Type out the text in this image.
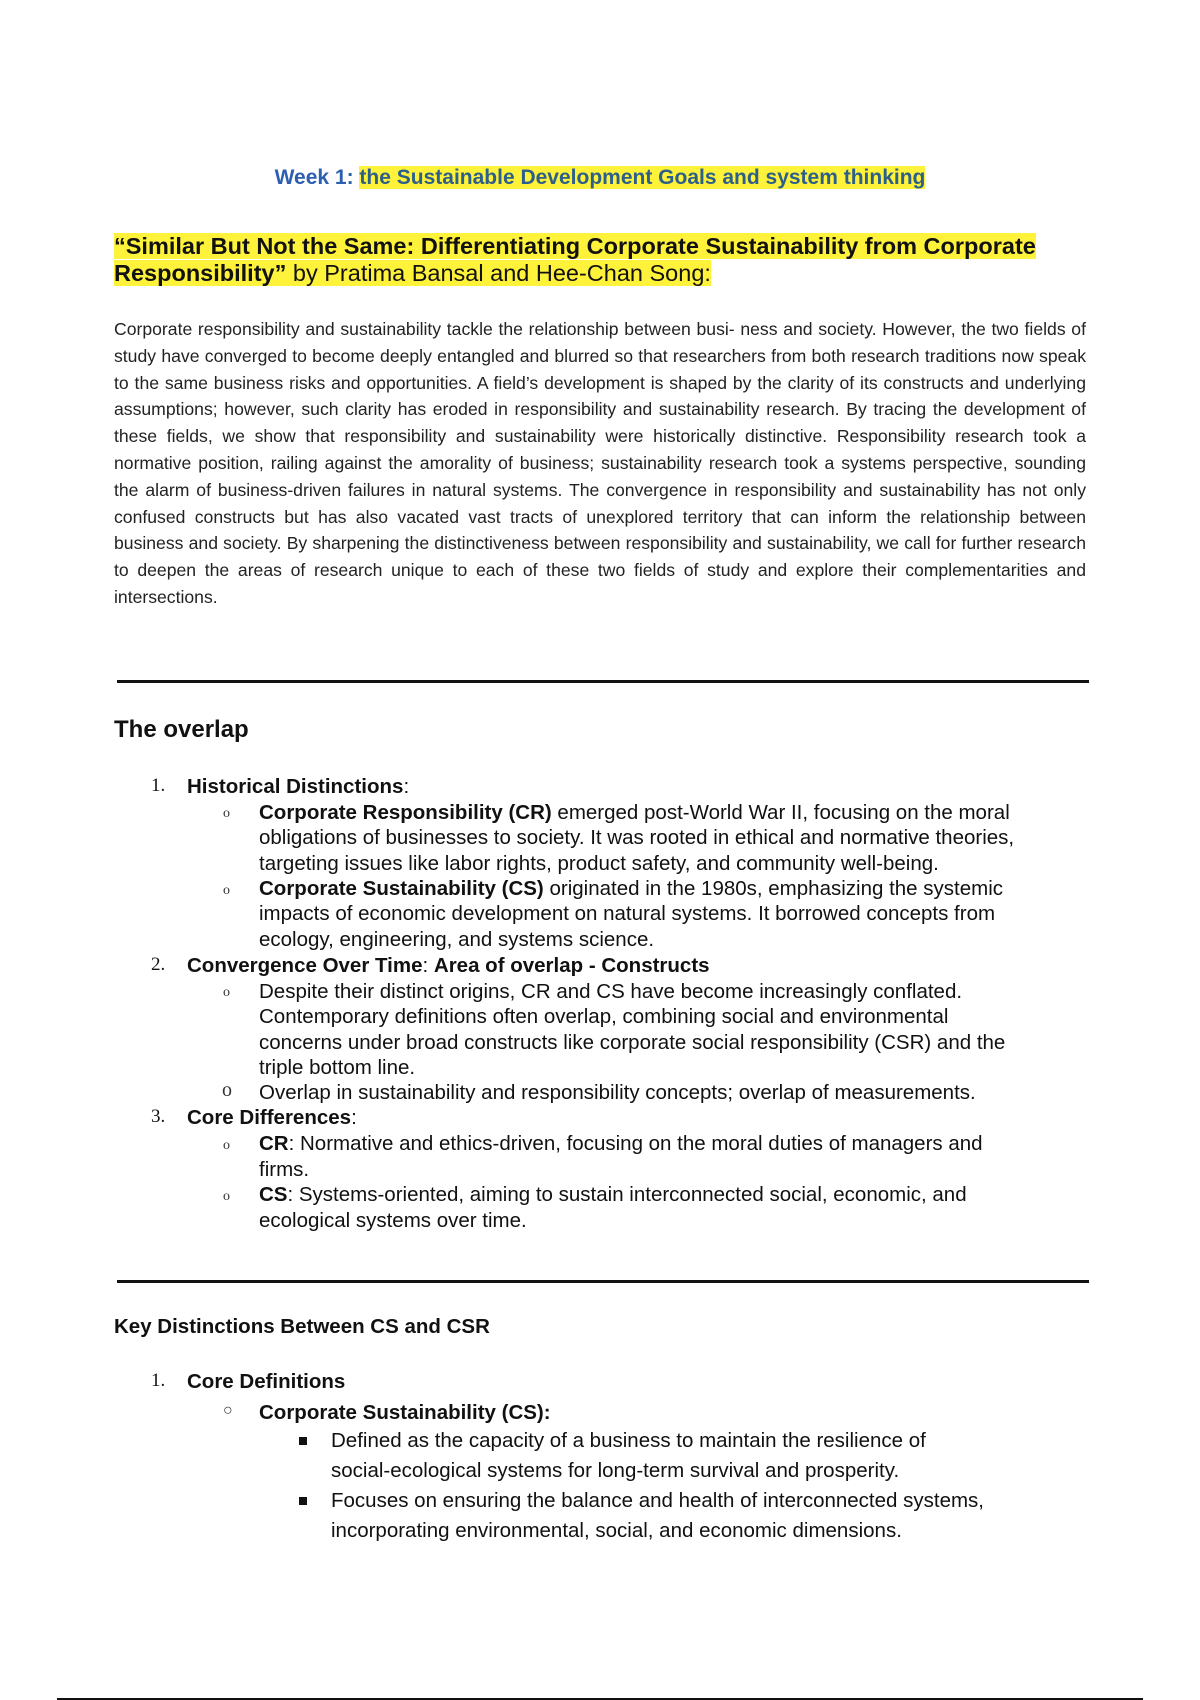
Week 1: the Sustainable Development Goals and system thinking
“Similar But Not the Same: Differentiating Corporate Sustainability from Corporate
Responsibility” by Pratima Bansal and Hee-Chan Song:

Corporate responsibility and sustainability tackle the relationship between busi- ness and society. However, the two fields of study have converged to become deeply entangled and blurred so that researchers from both research traditions now speak to the same business risks and opportunities. A field’s development is shaped by the clarity of its constructs and underlying assumptions; however, such clarity has eroded in responsibility and sustainability research. By tracing the development of these fields, we show that responsibility and sustainability were historically distinctive. Responsibility research took a normative position, railing against the amorality of business; sustainability research took a systems perspective, sounding the alarm of business-driven failures in natural systems. The convergence in responsibility and sustainability has not only confused constructs but has also vacated vast tracts of unexplored territory that can inform the relationship between business and society. By sharpening the distinctiveness between responsibility and sustainability, we call for further research to deepen the areas of research unique to each of these two fields of study and explore their complementarities and intersections.

The overlap
1. Historical Distinctions:
o Corporate Responsibility (CR) emerged post-World War II, focusing on the moral
obligations of businesses to society. It was rooted in ethical and normative theories,
targeting issues like labor rights, product safety, and community well-being.
o Corporate Sustainability (CS) originated in the 1980s, emphasizing the systemic
impacts of economic development on natural systems. It borrowed concepts from
ecology, engineering, and systems science.
2. Convergence Over Time: Area of overlap - Constructs
o Despite their distinct origins, CR and CS have become increasingly conflated.
Contemporary definitions often overlap, combining social and environmental
concerns under broad constructs like corporate social responsibility (CSR) and the
triple bottom line.
o Overlap in sustainability and responsibility concepts; overlap of measurements.
3. Core Differences:
o CR: Normative and ethics-driven, focusing on the moral duties of managers and
firms.
o CS: Systems-oriented, aiming to sustain interconnected social, economic, and
ecological systems over time.
Key Distinctions Between CS and CSR
1. Core Definitions
○ Corporate Sustainability (CS):
Defined as the capacity of a business to maintain the resilience of
social-ecological systems for long-term survival and prosperity.
Focuses on ensuring the balance and health of interconnected systems,
incorporating environmental, social, and economic dimensions.
